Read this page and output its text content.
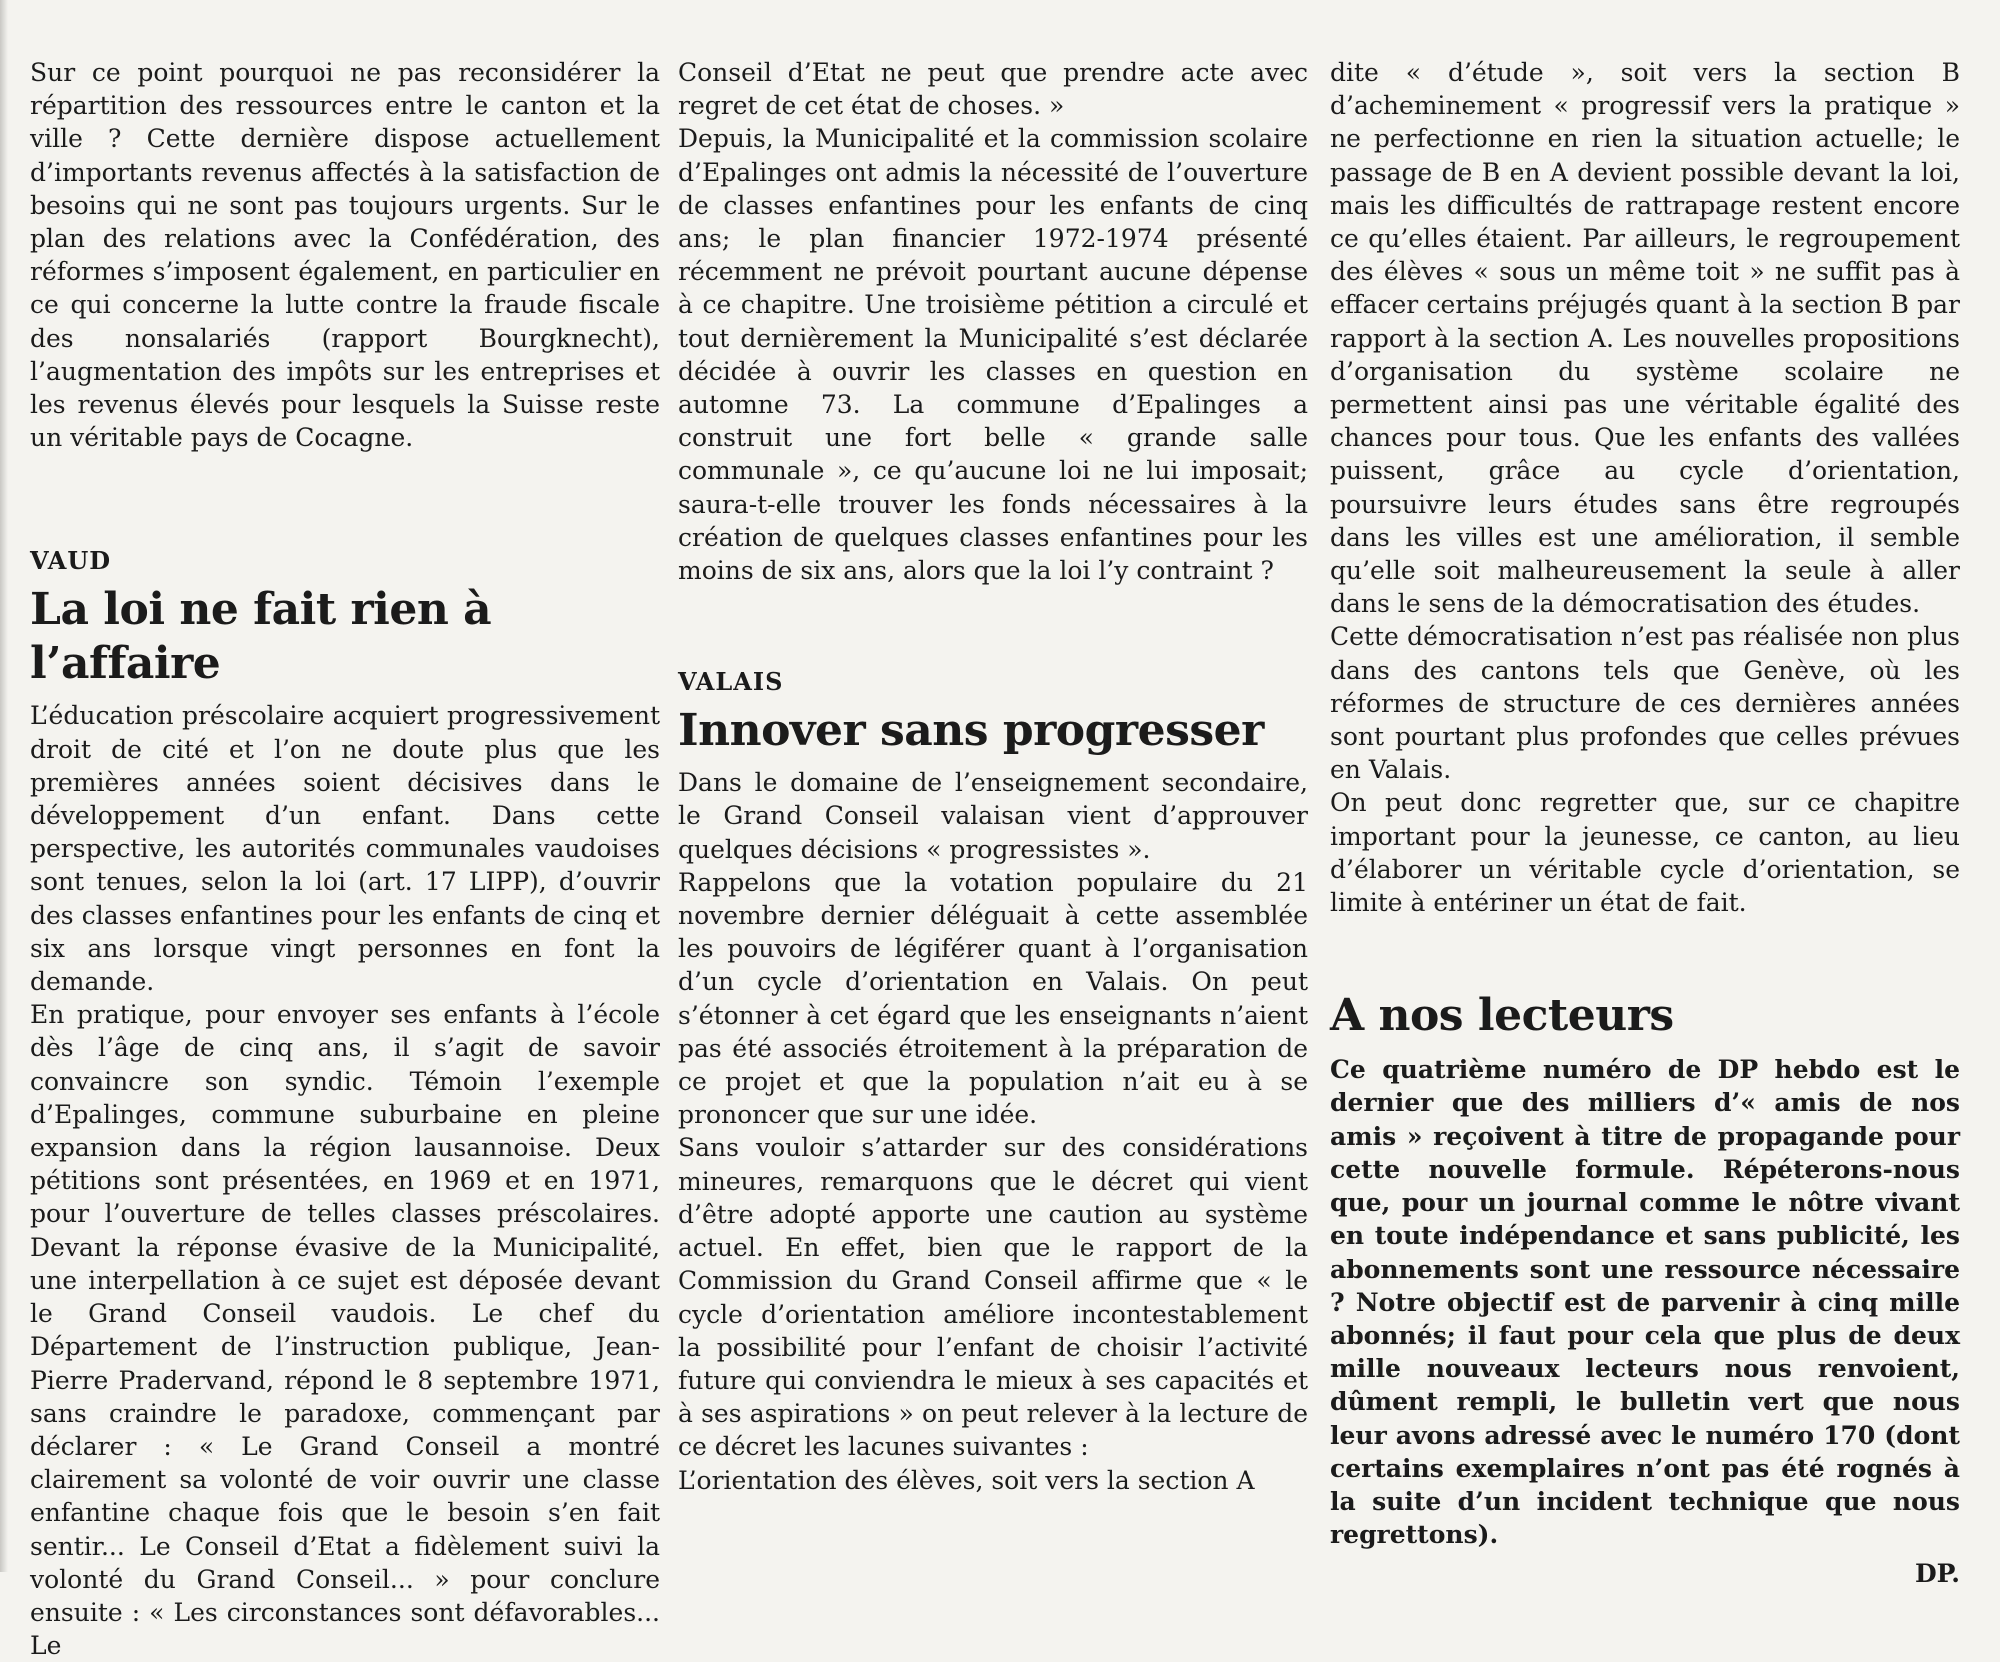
Sur ce point pourquoi ne pas reconsidérer la répartition des ressources entre le canton et la ville ? Cette dernière dispose actuellement d’importants revenus affectés à la satisfaction de besoins qui ne sont pas toujours urgents. Sur le plan des relations avec la Confédération, des réformes s’imposent également, en particulier en ce qui concerne la lutte contre la fraude fiscale des nonsalariés (rapport Bourgknecht), l’augmentation des impôts sur les entreprises et les revenus élevés pour lesquels la Suisse reste un véritable pays de Cocagne.

VAUD

La loi ne fait rien à l’affaire

L’éducation préscolaire acquiert progressivement droit de cité et l’on ne doute plus que les premières années soient décisives dans le développement d’un enfant. Dans cette perspective, les autorités communales vaudoises sont tenues, selon la loi (art. 17 LIPP), d’ouvrir des classes enfantines pour les enfants de cinq et six ans lorsque vingt personnes en font la demande.

En pratique, pour envoyer ses enfants à l’école dès l’âge de cinq ans, il s’agit de savoir convaincre son syndic. Témoin l’exemple d’Epalinges, commune suburbaine en pleine expansion dans la région lausannoise. Deux pétitions sont présentées, en 1969 et en 1971, pour l’ouverture de telles classes préscolaires. Devant la réponse évasive de la Municipalité, une interpellation à ce sujet est déposée devant le Grand Conseil vaudois. Le chef du Département de l’instruction publique, Jean-Pierre Pradervand, répond le 8 septembre 1971, sans craindre le paradoxe, commençant par déclarer : « Le Grand Conseil a montré clairement sa volonté de voir ouvrir une classe enfantine chaque fois que le besoin s’en fait sentir... Le Conseil d’Etat a fidèlement suivi la volonté du Grand Conseil... » pour conclure ensuite : « Les circonstances sont défavorables... Le

Conseil d’Etat ne peut que prendre acte avec regret de cet état de choses. »

Depuis, la Municipalité et la commission scolaire d’Epalinges ont admis la nécessité de l’ouverture de classes enfantines pour les enfants de cinq ans; le plan financier 1972-1974 présenté récemment ne prévoit pourtant aucune dépense à ce chapitre. Une troisième pétition a circulé et tout dernièrement la Municipalité s’est déclarée décidée à ouvrir les classes en question en automne 73. La commune d’Epalinges a construit une fort belle « grande salle communale », ce qu’aucune loi ne lui imposait; saura-t-elle trouver les fonds nécessaires à la création de quelques classes enfantines pour les moins de six ans, alors que la loi l’y contraint ?

VALAIS

Innover sans progresser

Dans le domaine de l’enseignement secondaire, le Grand Conseil valaisan vient d’approuver quelques décisions « progressistes ».

Rappelons que la votation populaire du 21 novembre dernier déléguait à cette assemblée les pouvoirs de légiférer quant à l’organisation d’un cycle d’orientation en Valais. On peut s’étonner à cet égard que les enseignants n’aient pas été associés étroitement à la préparation de ce projet et que la population n’ait eu à se prononcer que sur une idée.

Sans vouloir s’attarder sur des considérations mineures, remarquons que le décret qui vient d’être adopté apporte une caution au système actuel. En effet, bien que le rapport de la Commission du Grand Conseil affirme que « le cycle d’orientation améliore incontestablement la possibilité pour l’enfant de choisir l’activité future qui conviendra le mieux à ses capacités et à ses aspirations » on peut relever à la lecture de ce décret les lacunes suivantes :

L’orientation des élèves, soit vers la section A

dite « d’étude », soit vers la section B d’acheminement « progressif vers la pratique » ne perfectionne en rien la situation actuelle; le passage de B en A devient possible devant la loi, mais les difficultés de rattrapage restent encore ce qu’elles étaient. Par ailleurs, le regroupement des élèves « sous un même toit » ne suffit pas à effacer certains préjugés quant à la section B par rapport à la section A. Les nouvelles propositions d’organisation du système scolaire ne permettent ainsi pas une véritable égalité des chances pour tous. Que les enfants des vallées puissent, grâce au cycle d’orientation, poursuivre leurs études sans être regroupés dans les villes est une amélioration, il semble qu’elle soit malheureusement la seule à aller dans le sens de la démocratisation des études.

Cette démocratisation n’est pas réalisée non plus dans des cantons tels que Genève, où les réformes de structure de ces dernières années sont pourtant plus profondes que celles prévues en Valais.

On peut donc regretter que, sur ce chapitre important pour la jeunesse, ce canton, au lieu d’élaborer un véritable cycle d’orientation, se limite à entériner un état de fait.

A nos lecteurs

Ce quatrième numéro de DP hebdo est le dernier que des milliers d’« amis de nos amis » reçoivent à titre de propagande pour cette nouvelle formule. Répéterons-nous que, pour un journal comme le nôtre vivant en toute indépendance et sans publicité, les abonnements sont une ressource nécessaire ? Notre objectif est de parvenir à cinq mille abonnés; il faut pour cela que plus de deux mille nouveaux lecteurs nous renvoient, dûment rempli, le bulletin vert que nous leur avons adressé avec le numéro 170 (dont certains exemplaires n’ont pas été rognés à la suite d’un incident technique que nous regrettons).

DP.
